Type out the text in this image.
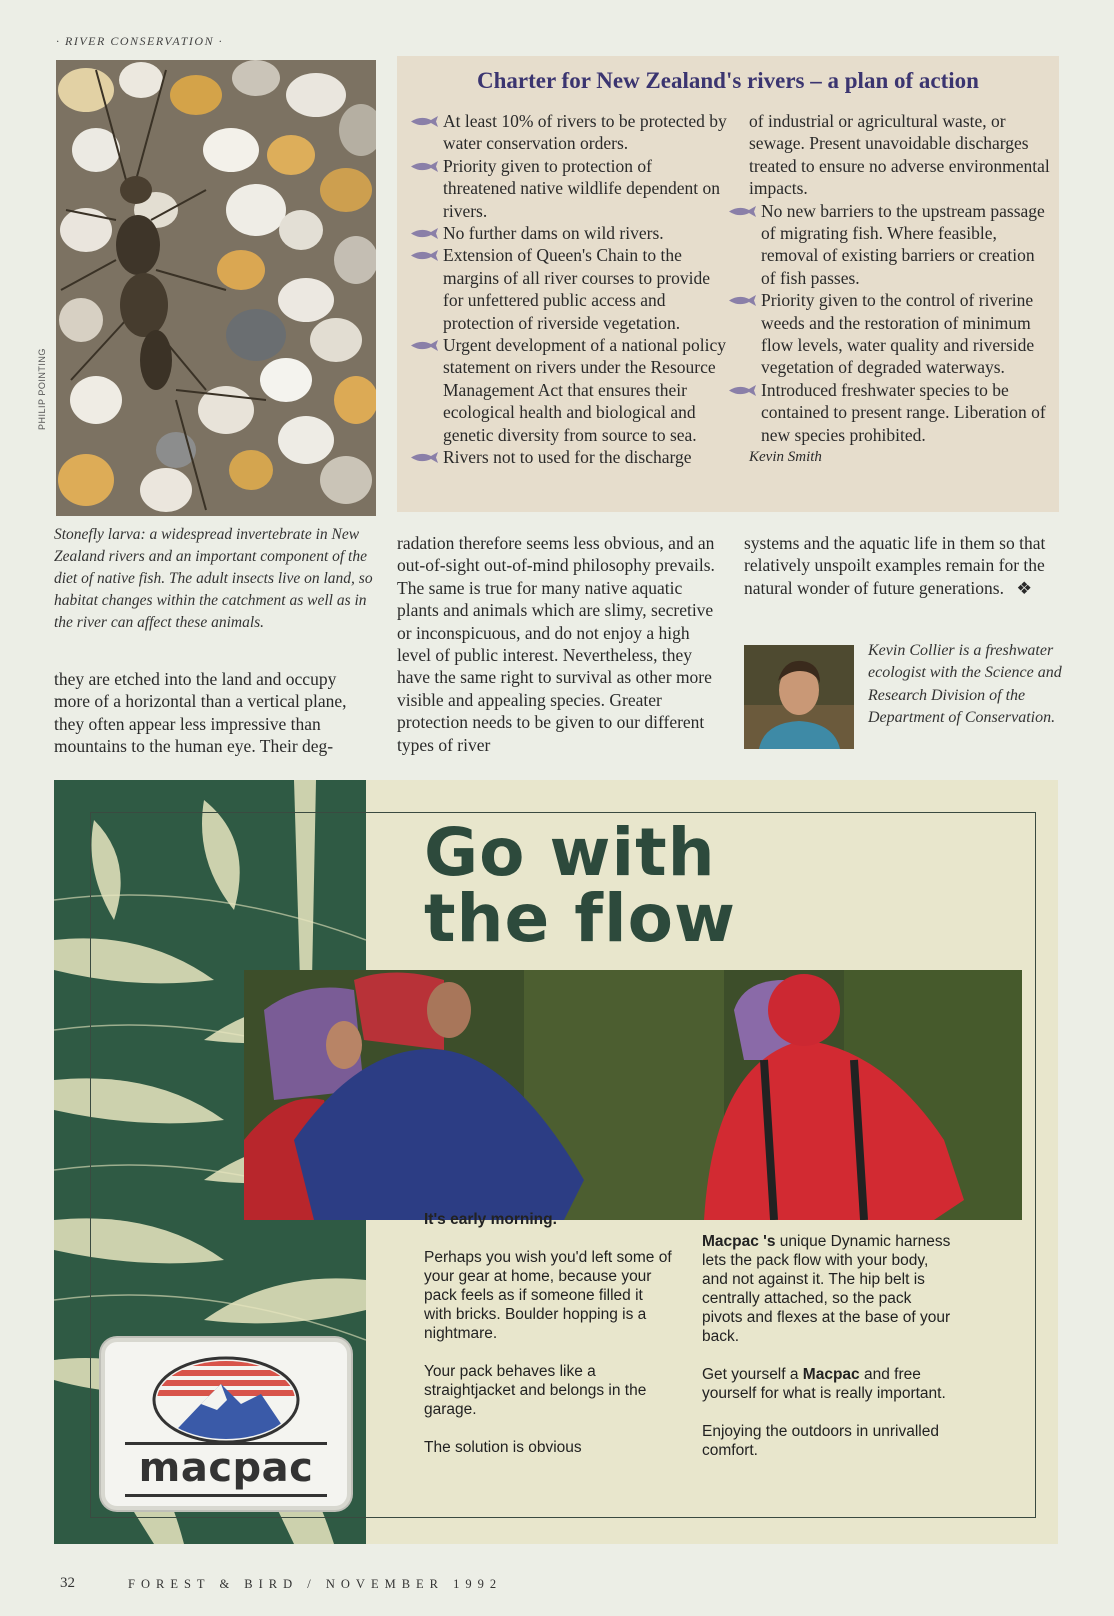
· RIVER CONSERVATION ·
PHILIP POINTING
Stonefly larva: a widespread invertebrate in New Zealand rivers and an important component of the diet of native fish. The adult insects live on land, so habitat changes within the catchment as well as in the river can affect these animals.
Charter for New Zealand's rivers – a plan of action
At least 10% of rivers to be protected by water conservation orders.
Priority given to protection of threatened native wildlife dependent on rivers.
No further dams on wild rivers.
Extension of Queen's Chain to the margins of all river courses to provide for unfettered public access and protection of riverside vegetation.
Urgent development of a national policy statement on rivers under the Resource Management Act that ensures their ecological health and biological and genetic diversity from source to sea.
Rivers not to used for the discharge
of industrial or agricultural waste, or sewage. Present unavoidable discharges treated to ensure no adverse environmental impacts.
No new barriers to the upstream passage of migrating fish. Where feasible, removal of existing barriers or creation of fish passes.
Priority given to the control of riverine weeds and the restoration of minimum flow levels, water quality and riverside vegetation of degraded waterways.
Introduced freshwater species to be contained to present range. Liberation of new species prohibited.
Kevin Smith
they are etched into the land and occupy more of a horizontal than a vertical plane, they often appear less impressive than mountains to the human eye. Their deg-
radation therefore seems less obvious, and an out-of-sight out-of-mind philosophy prevails. The same is true for many native aquatic plants and animals which are slimy, secretive or inconspicuous, and do not enjoy a high level of public interest. Nevertheless, they have the same right to survival as other more visible and appealing species. Greater protection needs to be given to our different types of river
systems and the aquatic life in them so that relatively unspoilt examples remain for the natural wonder of future generations. ❖
Kevin Collier is a freshwater ecologist with the Science and Research Division of the Department of Conservation.
Go with
the flow

It's early morning.

Perhaps you wish you'd left some of your gear at home, because your pack feels as if someone filled it with bricks. Boulder hopping is a nightmare.

Your pack behaves like a straightjacket and belongs in the garage.

The solution is obvious

Macpac 's unique Dynamic harness lets the pack flow with your body, and not against it. The hip belt is centrally attached, so the pack pivots and flexes at the base of your back.

Get yourself a Macpac and free yourself for what is really important.

Enjoying the outdoors in unrivalled comfort.

macpac
32	FOREST & BIRD / NOVEMBER 1992
